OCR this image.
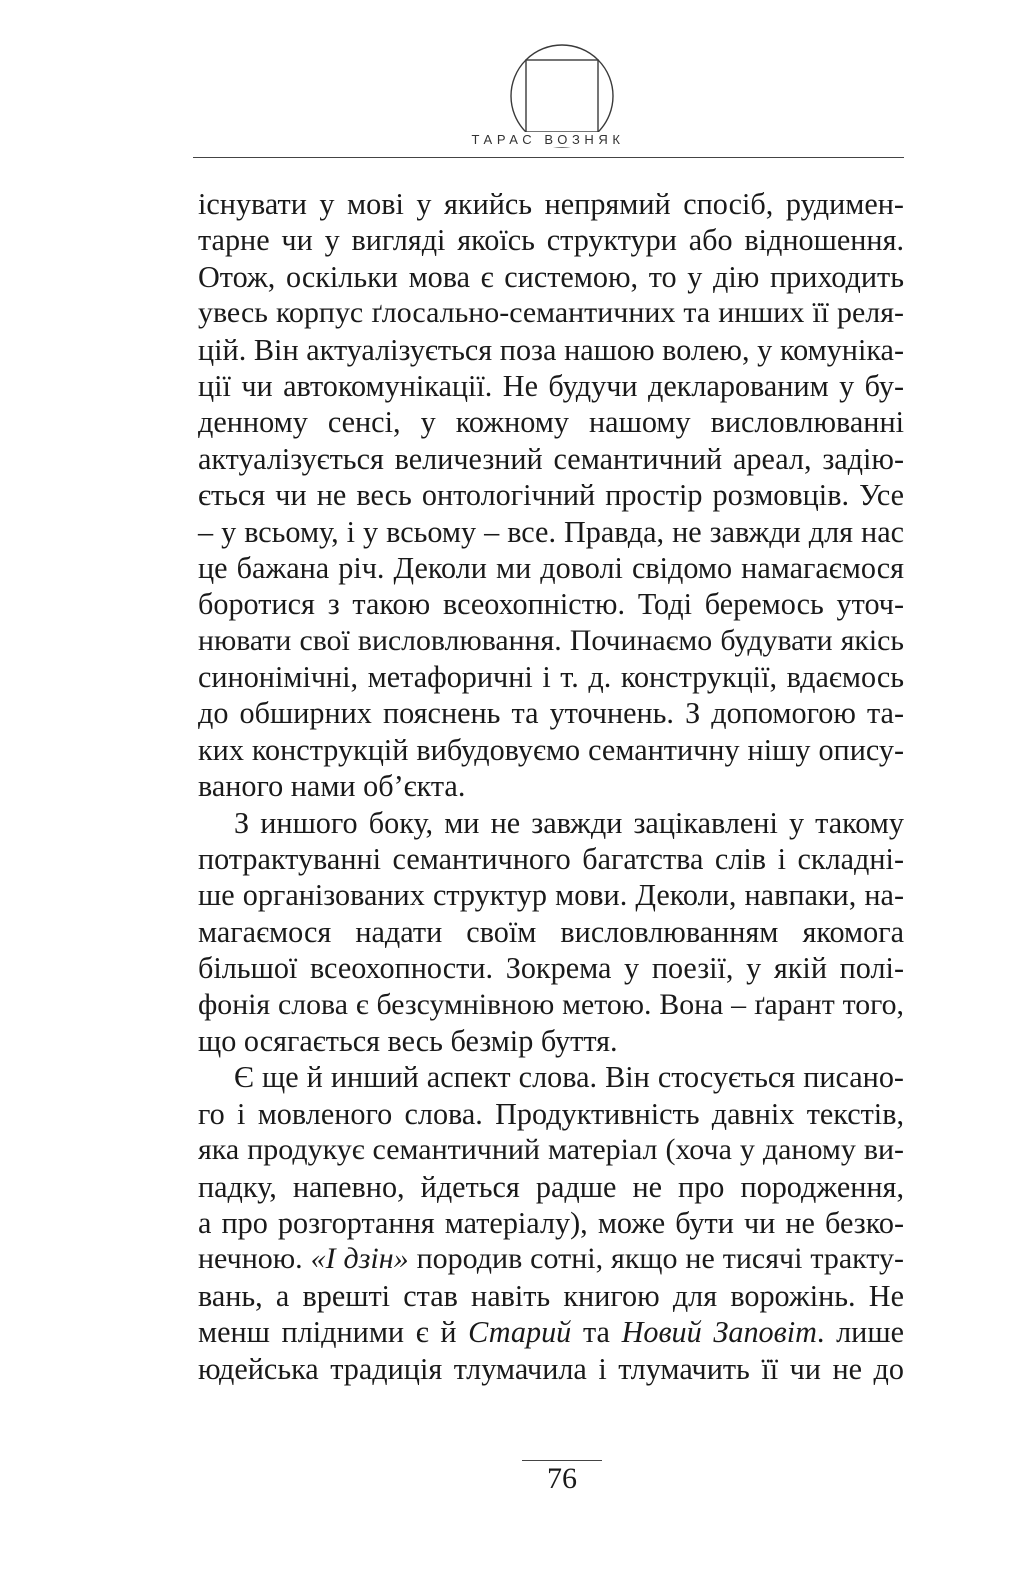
ТАРАС ВОЗНЯК
існувати у мові у якийсь непрямий спосіб, рудимен-
тарне чи у вигляді якоїсь структури або відношення.
Отож, оскільки мова є системою, то у дію приходить
увесь корпус ґлосально-семантичних та инших її реля-
цій. Він актуалізується поза нашою волею, у комуніка-
ції чи автокомунікації. Не будучи декларованим у бу-
денному сенсі, у кожному нашому висловлюванні
актуалізується величезний семантичний ареал, задію-
ється чи не весь онтологічний простір розмовців. Усе
– у всьому, і у всьому – все. Правда, не завжди для нас
це бажана річ. Деколи ми доволі свідомо намагаємося
боротися з такою всеохопністю. Тоді беремось уточ-
нювати свої висловлювання. Починаємо будувати якісь
синонімічні, метафоричні і т. д. конструкції, вдаємось
до обширних пояснень та уточнень. З допомогою та-
ких конструкцій вибудовуємо семантичну нішу опису-
ваного нами об’єкта.
З иншого боку, ми не завжди зацікавлені у такому
потрактуванні семантичного багатства слів і складні-
ше організованих структур мови. Деколи, навпаки, на-
магаємося надати своїм висловлюванням якомога
більшої всеохопности. Зокрема у поезії, у якій полі-
фонія слова є безсумнівною метою. Вона – ґарант того,
що осягається весь безмір буття.
Є ще й инший аспект слова. Він стосується писано-
го і мовленого слова. Продуктивність давніх текстів,
яка продукує семантичний матеріал (хоча у даному ви-
падку, напевно, йдеться радше не про породження,
а про розгортання матеріалу), може бути чи не безко-
нечною. «І дзін» породив сотні, якщо не тисячі тракту-
вань, а врешті став навіть книгою для ворожінь. Не
менш плідними є й Старий та Новий Заповіт. лише
юдейська традиція тлумачила і тлумачить її чи не до
76
